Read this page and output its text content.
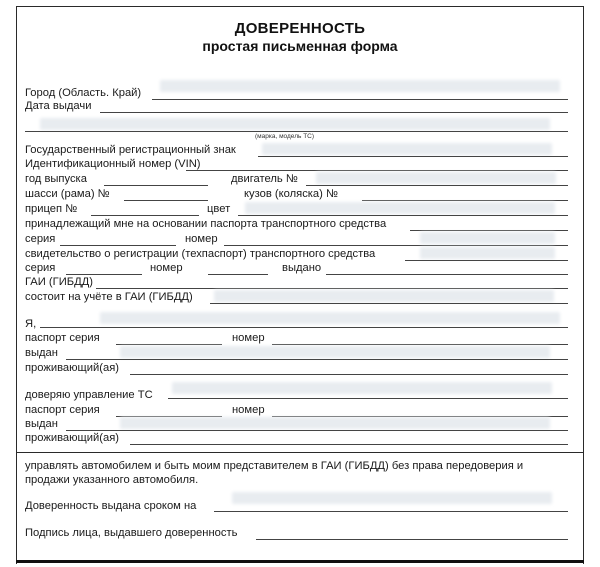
ДОВЕРЕННОСТЬ
простая письменная форма
Город (Область. Край)
Дата выдачи
(марка, модель ТС)
Государственный регистрационный знак
Идентификационный номер (VIN)
год выпуска	двигатель №
шасси (рама) №	кузов (коляска) №
прицеп №	цвет
принадлежащий мне на основании паспорта транспортного средства
серия	номер
свидетельство о регистрации (техпаспорт) транспортного средства
серия	номер	выдано
ГАИ (ГИБДД)
состоит на учёте в ГАИ (ГИБДД)
Я,
паспорт серия	номер
выдан
проживающий(ая)
доверяю управление ТС
паспорт серия	номер
выдан
проживающий(ая)
управлять автомобилем и быть моим представителем в ГАИ (ГИБДД) без права передоверия и
продажи указанного автомобиля.
Доверенность выдана сроком на
Подпись лица, выдавшего доверенность
